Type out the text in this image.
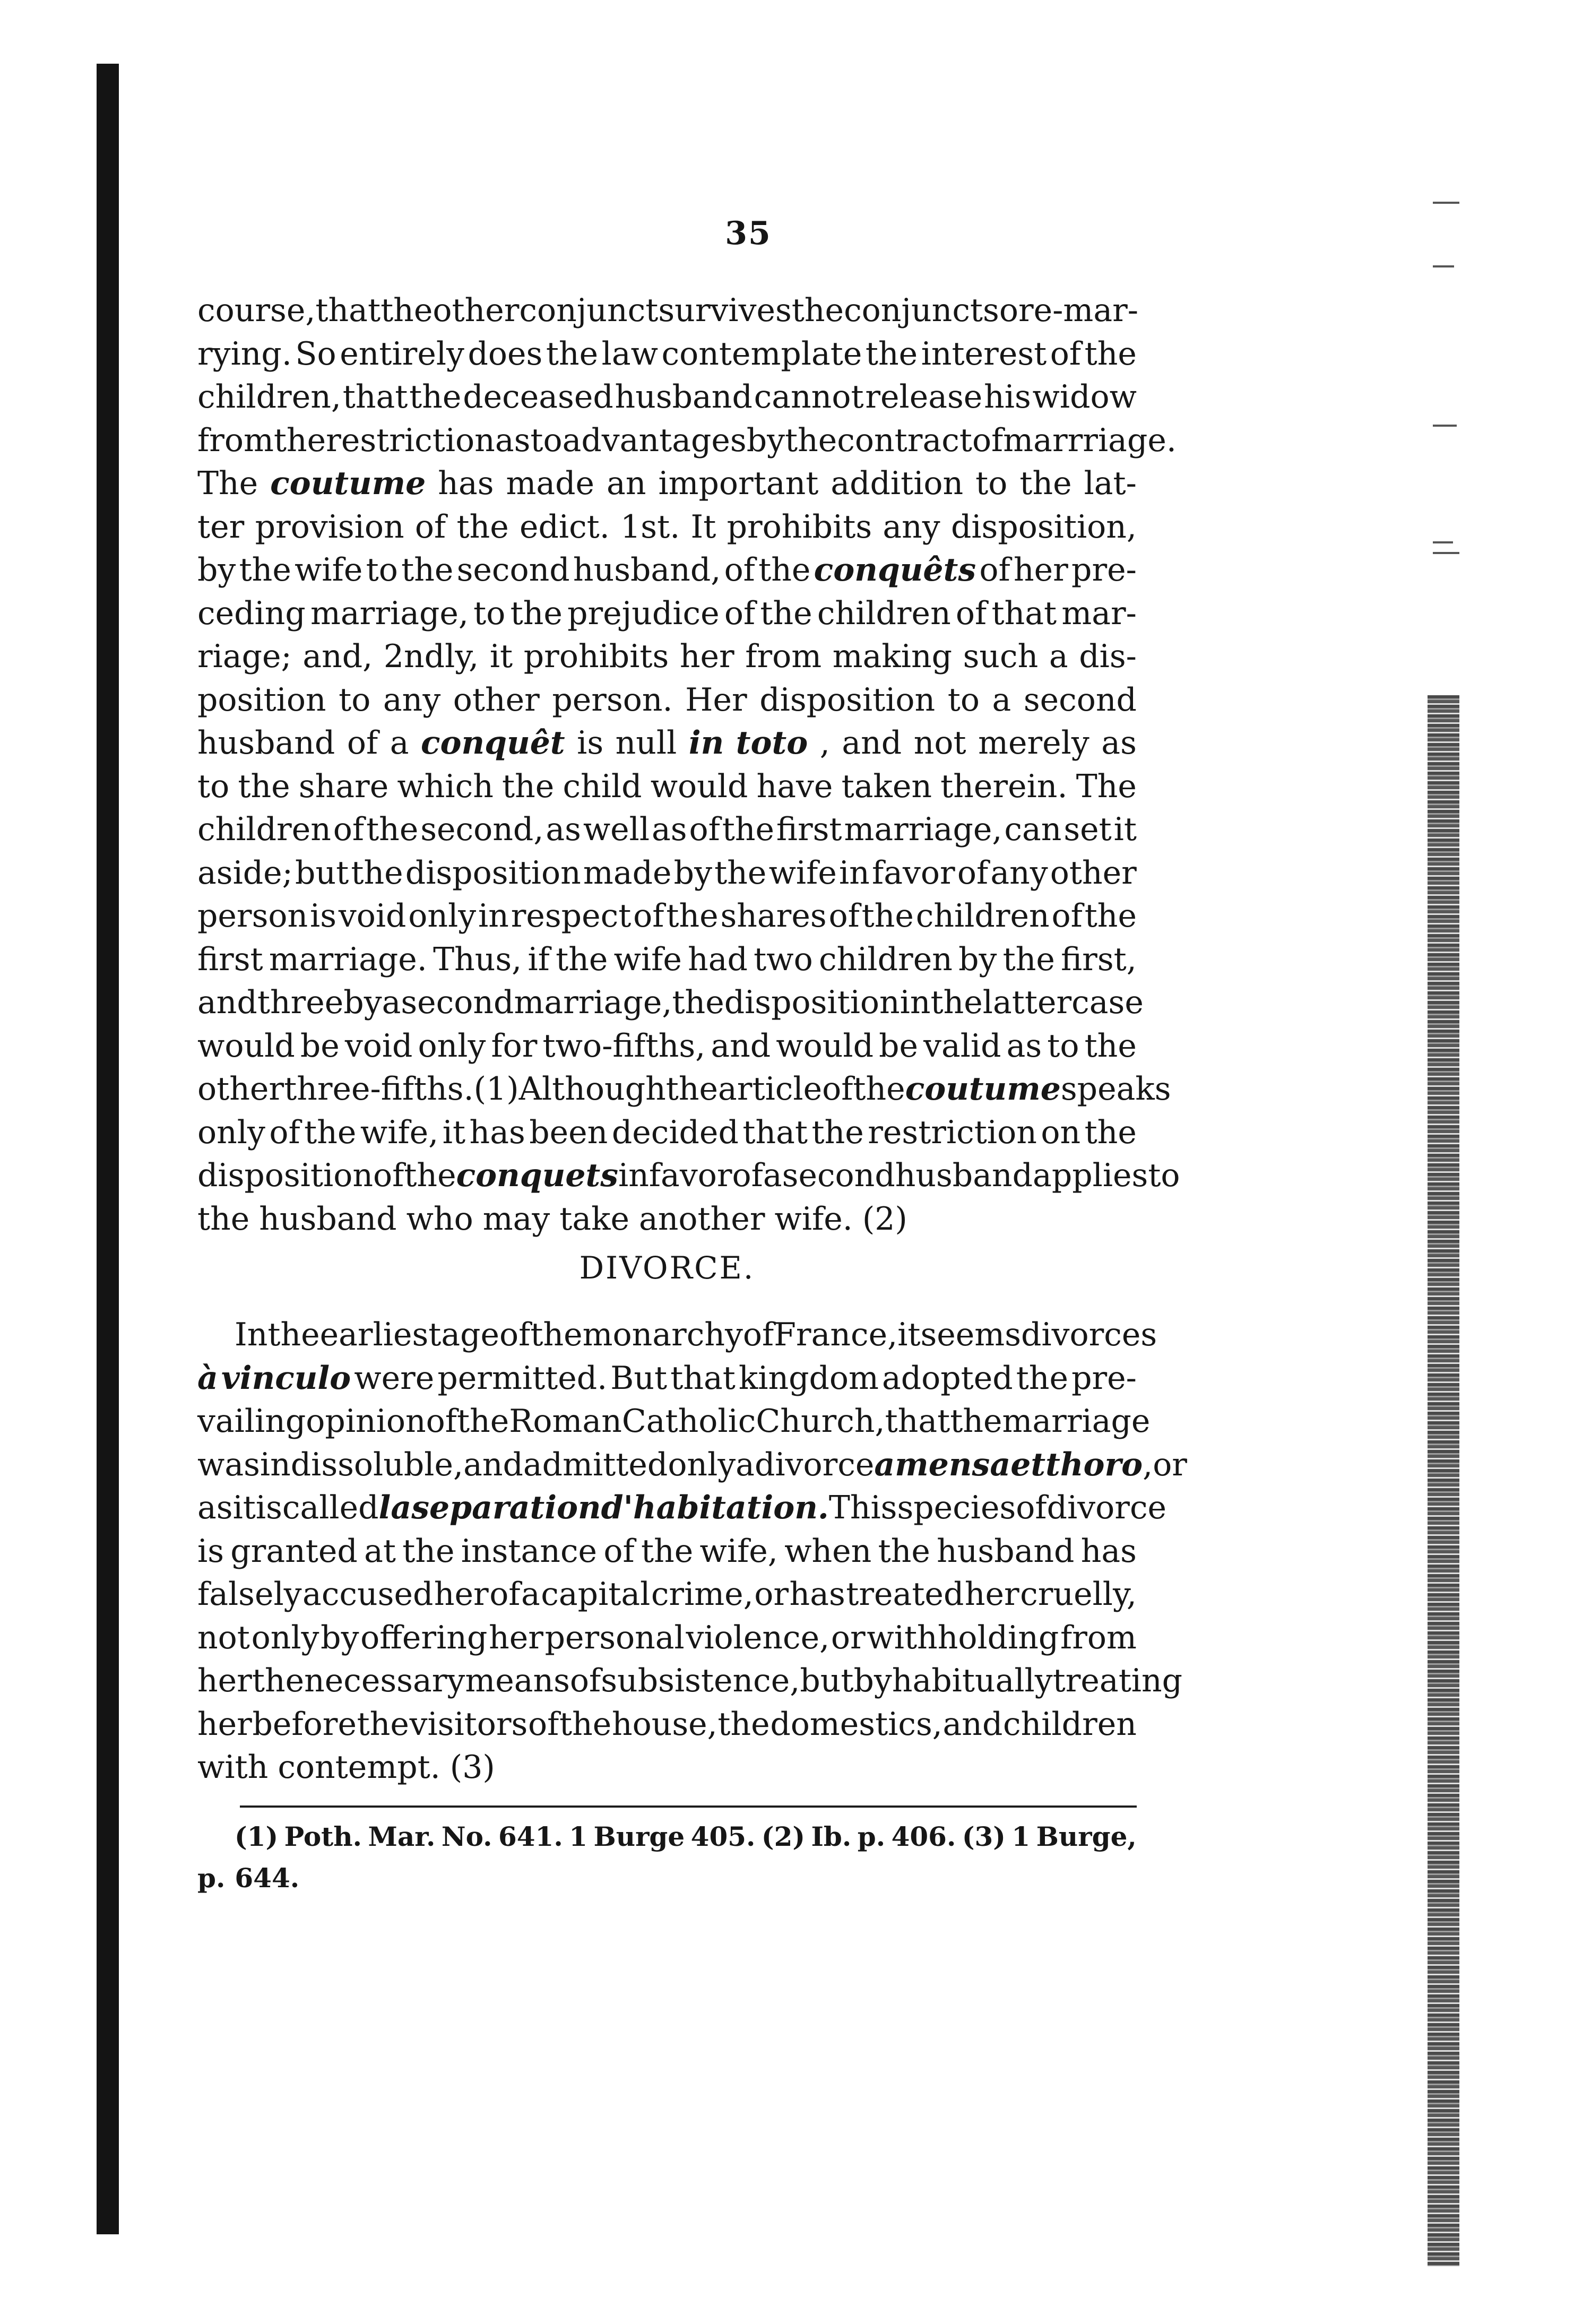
35
course, that the other conjunct survives the conjunct so re-mar-
rying. So entirely does the law contemplate the interest of the
children, that the deceased husband cannot release his widow
from the restriction as to advantages by the contract of marrriage.
The coutume has made an important addition to the lat-
ter provision of the edict. 1st. It prohibits any disposition,
by the wife to the second husband, of the conquêts of her pre-
ceding marriage, to the prejudice of the children of that mar-
riage; and, 2ndly, it prohibits her from making such a dis-
position to any other person. Her disposition to a second
husband of a conquêt is null in toto , and not merely as
to the share which the child would have taken therein. The
children of the second, as well as of the first marriage, can set it
aside; but the disposition made by the wife in favor of any other
person is void only in respect of the shares of the children of the
first marriage. Thus, if the wife had two children by the first,
and three by a second marriage, the disposition in the latter case
would be void only for two-fifths, and would be valid as to the
other three-fifths. (1) Although the article of the coutume speaks
only of the wife, it has been decided that the restriction on the
disposition of the conquets in favor of a second husband applies to
the husband who may take another wife. (2)
DIVORCE.
In the earliest age of the monarchy of France, it seems divorces
à vinculo were permitted. But that kingdom adopted the pre-
vailing opinion of the Roman Catholic Church, that the marriage
was indissoluble, and admitted only a divorce a mensa et thoro , or
as it is called la separation d'habitation. This species of divorce
is granted at the instance of the wife, when the husband has
falsely accused her of a capital crime, or has treated her cruelly,
not only by offering her personal violence, or withholding from
her the necessary means of subsistence, but by habitually treating
her before the visitors of the house, the domestics, and children
with contempt. (3)
(1) Poth. Mar. No. 641. 1 Burge 405. (2) Ib. p. 406. (3) 1 Burge,
p. 644.
